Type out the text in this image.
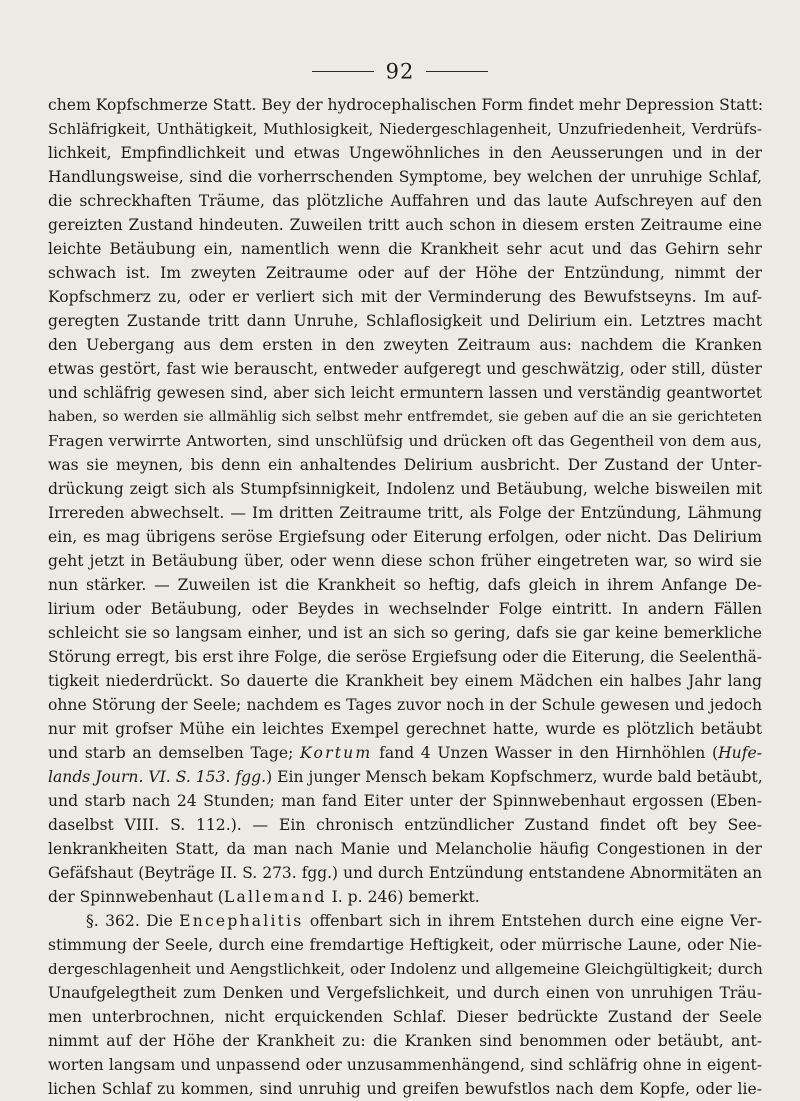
92
chem Kopfschmerze Statt. Bey der hydrocephalischen Form findet mehr Depression Statt:
Schläfrigkeit, Unthätigkeit, Muthlosigkeit, Niedergeschlagenheit, Unzufriedenheit, Verdrüfs-
lichkeit, Empfindlichkeit und etwas Ungewöhnliches in den Aeusserungen und in der
Handlungsweise, sind die vorherrschenden Symptome, bey welchen der unruhige Schlaf,
die schreckhaften Träume, das plötzliche Auffahren und das laute Aufschreyen auf den
gereizten Zustand hindeuten. Zuweilen tritt auch schon in diesem ersten Zeitraume eine
leichte Betäubung ein, namentlich wenn die Krankheit sehr acut und das Gehirn sehr
schwach ist. Im zweyten Zeitraume oder auf der Höhe der Entzündung, nimmt der
Kopfschmerz zu, oder er verliert sich mit der Verminderung des Bewufstseyns. Im auf-
geregten Zustande tritt dann Unruhe, Schlaflosigkeit und Delirium ein. Letztres macht
den Uebergang aus dem ersten in den zweyten Zeitraum aus: nachdem die Kranken
etwas gestört, fast wie berauscht, entweder aufgeregt und geschwätzig, oder still, düster
und schläfrig gewesen sind, aber sich leicht ermuntern lassen und verständig geantwortet
haben, so werden sie allmählig sich selbst mehr entfremdet, sie geben auf die an sie gerichteten
Fragen verwirrte Antworten, sind unschlüfsig und drücken oft das Gegentheil von dem aus,
was sie meynen, bis denn ein anhaltendes Delirium ausbricht. Der Zustand der Unter-
drückung zeigt sich als Stumpfsinnigkeit, Indolenz und Betäubung, welche bisweilen mit
Irrereden abwechselt. — Im dritten Zeitraume tritt, als Folge der Entzündung, Lähmung
ein, es mag übrigens seröse Ergiefsung oder Eiterung erfolgen, oder nicht. Das Delirium
geht jetzt in Betäubung über, oder wenn diese schon früher eingetreten war, so wird sie
nun stärker. — Zuweilen ist die Krankheit so heftig, dafs gleich in ihrem Anfange De-
lirium oder Betäubung, oder Beydes in wechselnder Folge eintritt. In andern Fällen
schleicht sie so langsam einher, und ist an sich so gering, dafs sie gar keine bemerkliche
Störung erregt, bis erst ihre Folge, die seröse Ergiefsung oder die Eiterung, die Seelenthä-
tigkeit niederdrückt. So dauerte die Krankheit bey einem Mädchen ein halbes Jahr lang
ohne Störung der Seele; nachdem es Tages zuvor noch in der Schule gewesen und jedoch
nur mit grofser Mühe ein leichtes Exempel gerechnet hatte, wurde es plötzlich betäubt
und starb an demselben Tage; Kortum fand 4 Unzen Wasser in den Hirnhöhlen (Hufe-
lands Journ. VI. S. 153. fgg.) Ein junger Mensch bekam Kopfschmerz, wurde bald betäubt,
und starb nach 24 Stunden; man fand Eiter unter der Spinnwebenhaut ergossen (Eben-
daselbst VIII. S. 112.). — Ein chronisch entzündlicher Zustand findet oft bey See-
lenkrankheiten Statt, da man nach Manie und Melancholie häufig Congestionen in der
Gefäfshaut (Beyträge II. S. 273. fgg.) und durch Entzündung entstandene Abnormitäten an
der Spinnwebenhaut (Lallemand I. p. 246) bemerkt.
§. 362. Die Encephalitis offenbart sich in ihrem Entstehen durch eine eigne Ver-
stimmung der Seele, durch eine fremdartige Heftigkeit, oder mürrische Laune, oder Nie-
dergeschlagenheit und Aengstlichkeit, oder Indolenz und allgemeine Gleichgültigkeit; durch
Unaufgelegtheit zum Denken und Vergefslichkeit, und durch einen von unruhigen Träu-
men unterbrochnen, nicht erquickenden Schlaf. Dieser bedrückte Zustand der Seele
nimmt auf der Höhe der Krankheit zu: die Kranken sind benommen oder betäubt, ant-
worten langsam und unpassend oder unzusammenhängend, sind schläfrig ohne in eigent-
lichen Schlaf zu kommen, sind unruhig und greifen bewufstlos nach dem Kopfe, oder lie-
